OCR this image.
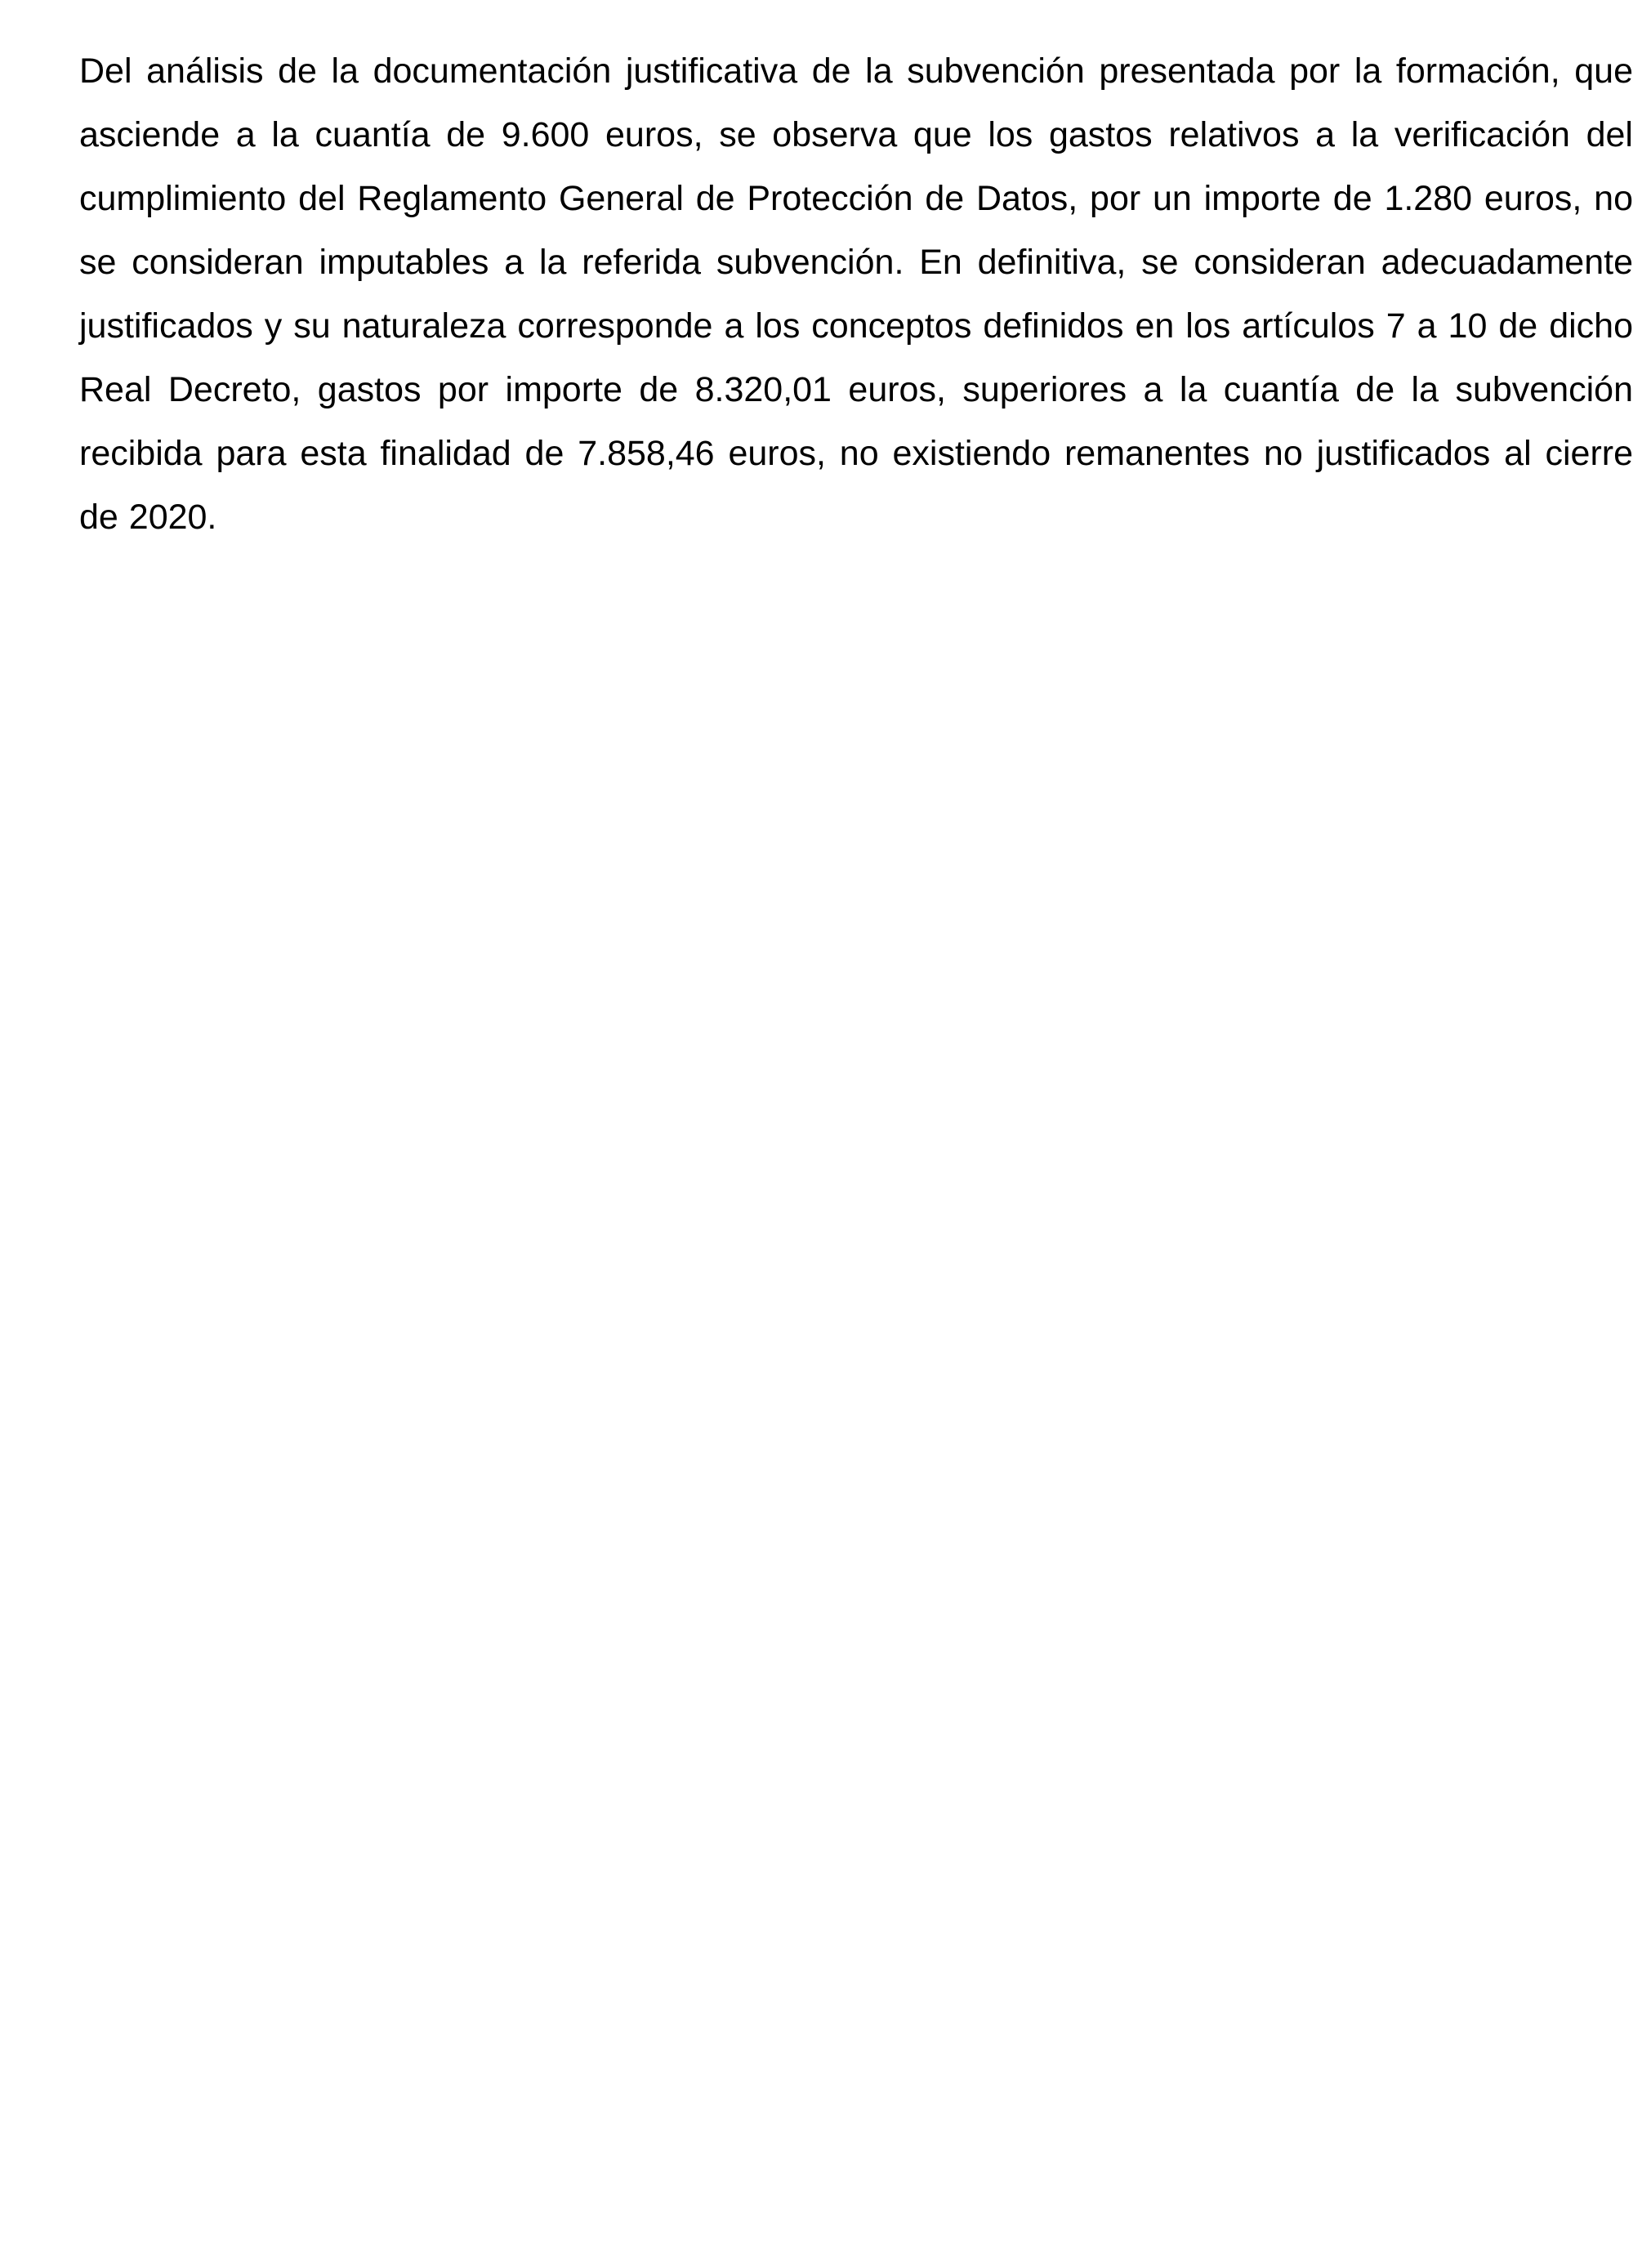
Del análisis de la documentación justificativa de la subvención presentada por la formación, que asciende a la cuantía de 9.600 euros, se observa que los gastos relativos a la verificación del cumplimiento del Reglamento General de Protección de Datos, por un importe de 1.280 euros, no se consideran imputables a la referida subvención. En definitiva, se consideran adecuadamente justificados y su naturaleza corresponde a los conceptos definidos en los artículos 7 a 10 de dicho Real Decreto, gastos por importe de 8.320,01 euros, superiores a la cuantía de la subvención recibida para esta finalidad de 7.858,46 euros, no existiendo remanentes no justificados al cierre de 2020.
